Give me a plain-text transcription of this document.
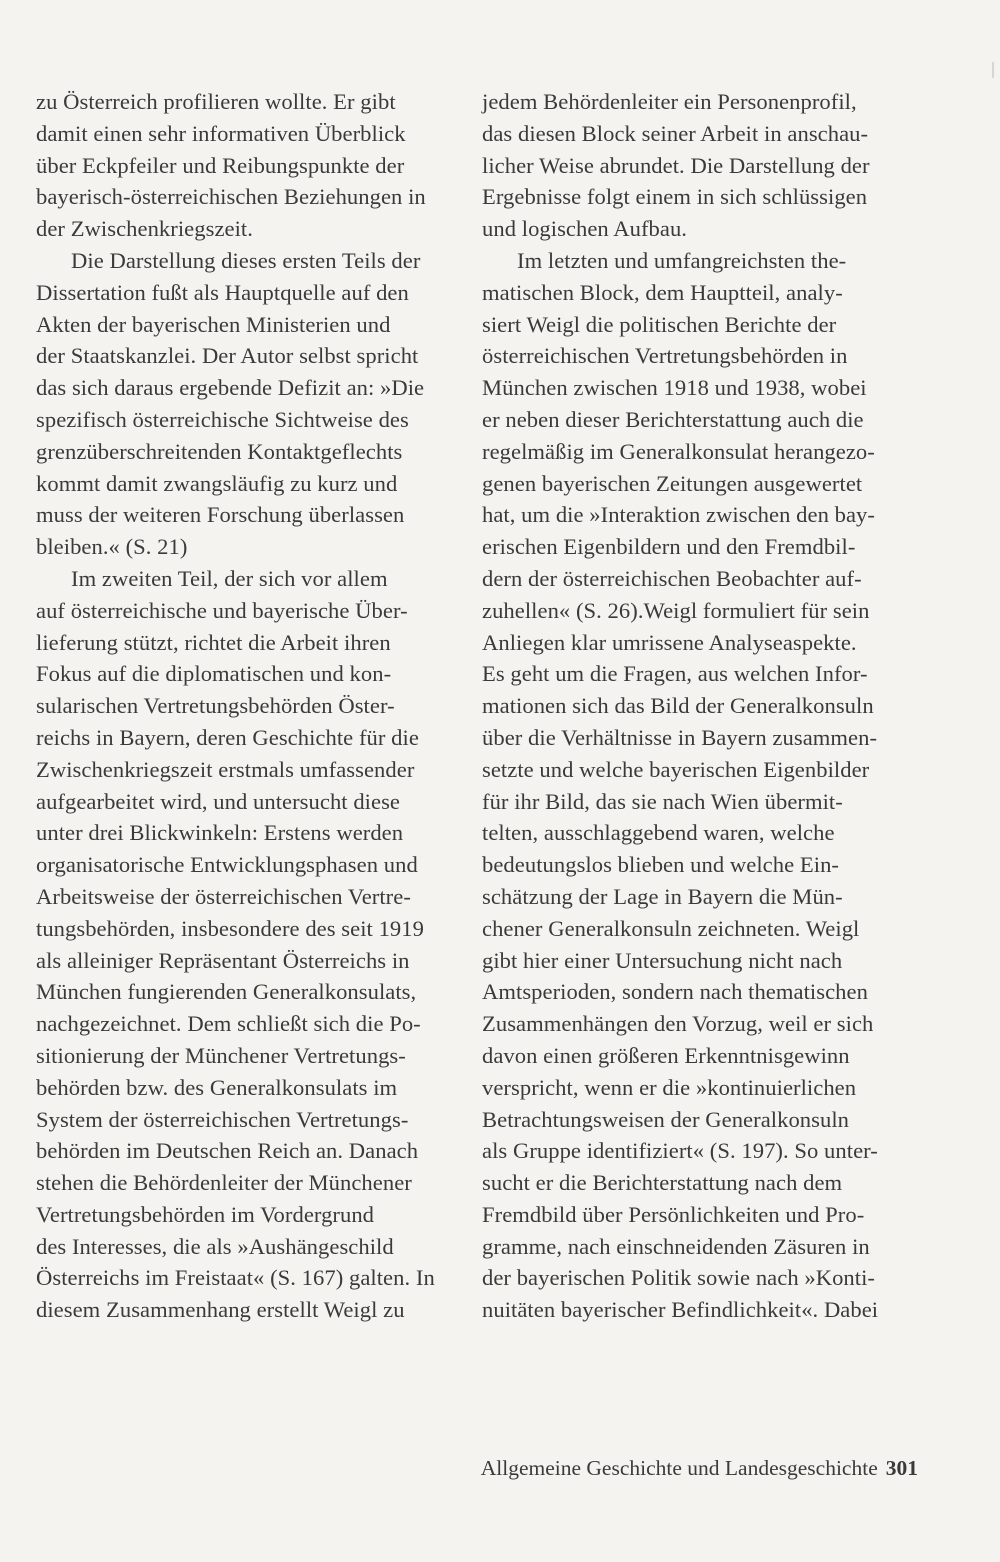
zu Österreich profilieren wollte. Er gibt
damit einen sehr informativen Überblick
über Eckpfeiler und Reibungspunkte der
bayerisch-österreichischen Beziehungen in
der Zwischenkriegszeit.
Die Darstellung dieses ersten Teils der
Dissertation fußt als Hauptquelle auf den
Akten der bayerischen Ministerien und
der Staatskanzlei. Der Autor selbst spricht
das sich daraus ergebende Defizit an: »Die
spezifisch österreichische Sichtweise des
grenzüberschreitenden Kontaktgeflechts
kommt damit zwangsläufig zu kurz und
muss der weiteren Forschung überlassen
bleiben.« (S. 21)
Im zweiten Teil, der sich vor allem
auf österreichische und bayerische Über-
lieferung stützt, richtet die Arbeit ihren
Fokus auf die diplomatischen und kon-
sularischen Vertretungsbehörden Öster-
reichs in Bayern, deren Geschichte für die
Zwischenkriegszeit erstmals umfassender
aufgearbeitet wird, und untersucht diese
unter drei Blickwinkeln: Erstens werden
organisatorische Entwicklungsphasen und
Arbeitsweise der österreichischen Vertre-
tungsbehörden, insbesondere des seit 1919
als alleiniger Repräsentant Österreichs in
München fungierenden Generalkonsulats,
nachgezeichnet. Dem schließt sich die Po-
sitionierung der Münchener Vertretungs-
behörden bzw. des Generalkonsulats im
System der österreichischen Vertretungs-
behörden im Deutschen Reich an. Danach
stehen die Behördenleiter der Münchener
Vertretungsbehörden im Vordergrund
des Interesses, die als »Aushängeschild
Österreichs im Freistaat« (S. 167) galten. In
diesem Zusammenhang erstellt Weigl zu
jedem Behördenleiter ein Personenprofil,
das diesen Block seiner Arbeit in anschau-
licher Weise abrundet. Die Darstellung der
Ergebnisse folgt einem in sich schlüssigen
und logischen Aufbau.
Im letzten und umfangreichsten the-
matischen Block, dem Hauptteil, analy-
siert Weigl die politischen Berichte der
österreichischen Vertretungsbehörden in
München zwischen 1918 und 1938, wobei
er neben dieser Berichterstattung auch die
regelmäßig im Generalkonsulat herangezo-
genen bayerischen Zeitungen ausgewertet
hat, um die »Interaktion zwischen den bay-
erischen Eigenbildern und den Fremdbil-
dern der österreichischen Beobachter auf-
zuhellen« (S. 26).Weigl formuliert für sein
Anliegen klar umrissene Analyseaspekte.
Es geht um die Fragen, aus welchen Infor-
mationen sich das Bild der Generalkonsuln
über die Verhältnisse in Bayern zusammen-
setzte und welche bayerischen Eigenbilder
für ihr Bild, das sie nach Wien übermit-
telten, ausschlaggebend waren, welche
bedeutungslos blieben und welche Ein-
schätzung der Lage in Bayern die Mün-
chener Generalkonsuln zeichneten. Weigl
gibt hier einer Untersuchung nicht nach
Amtsperioden, sondern nach thematischen
Zusammenhängen den Vorzug, weil er sich
davon einen größeren Erkenntnisgewinn
verspricht, wenn er die »kontinuierlichen
Betrachtungsweisen der Generalkonsuln
als Gruppe identifiziert« (S. 197). So unter-
sucht er die Berichterstattung nach dem
Fremdbild über Persönlichkeiten und Pro-
gramme, nach einschneidenden Zäsuren in
der bayerischen Politik sowie nach »Konti-
nuitäten bayerischer Befindlichkeit«. Dabei
Allgemeine Geschichte und Landesgeschichte 301
